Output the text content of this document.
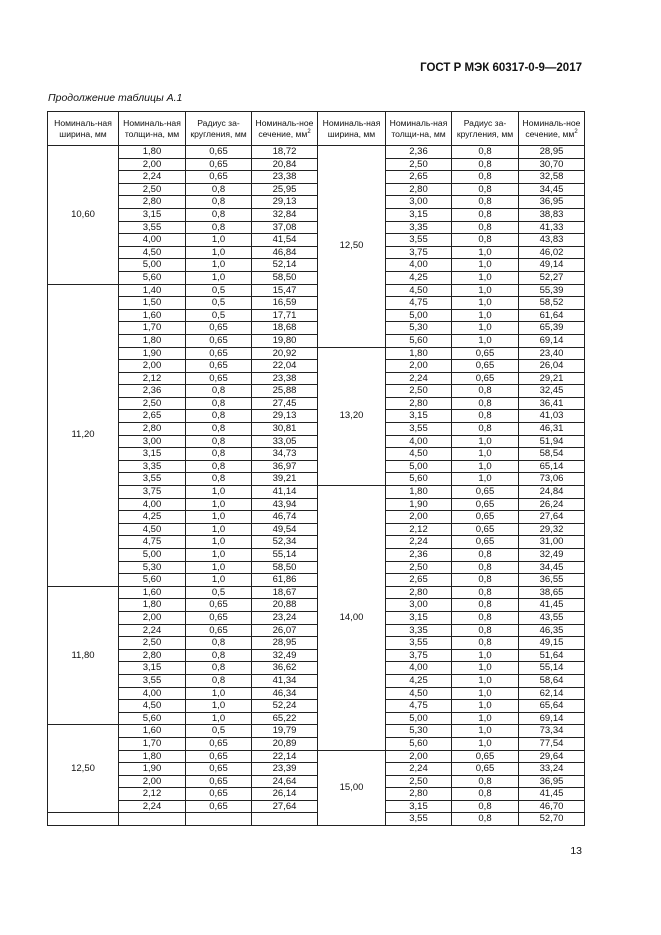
ГОСТ Р МЭК 60317-0-9—2017
Продолжение таблицы А.1
Номиналь-ная ширина, мм	Номиналь-ная толщи-на, мм	Радиус за-кругления, мм	Номиналь-ное сечение, $мм^2$	Номиналь-ная ширина, мм	Номиналь-ная толщи-на, мм	Радиус за-кругления, мм	Номиналь-ное сечение, $мм^2$
10,60	1,80	0,65	18,72	12,50	2,36	0,8	28,95
	2,00	0,65	20,84		2,50	0,8	30,70
	2,24	0,65	23,38		2,65	0,8	32,58
	2,50	0,8	25,95		2,80	0,8	34,45
	2,80	0,8	29,13		3,00	0,8	36,95
	3,15	0,8	32,84		3,15	0,8	38,83
	3,55	0,8	37,08		3,35	0,8	41,33
	4,00	1,0	41,54		3,55	0,8	43,83
	4,50	1,0	46,84		3,75	1,0	46,02
	5,00	1,0	52,14		4,00	1,0	49,14
	5,60	1,0	58,50		4,25	1,0	52,27
11,20	1,40	0,5	15,47		4,50	1,0	55,39
	1,50	0,5	16,59		4,75	1,0	58,52
	1,60	0,5	17,71		5,00	1,0	61,64
	1,70	0,65	18,68		5,30	1,0	65,39
	1,80	0,65	19,80		5,60	1,0	69,14
	1,90	0,65	20,92	13,20	1,80	0,65	23,40
	2,00	0,65	22,04		2,00	0,65	26,04
	2,12	0,65	23,38		2,24	0,65	29,21
	2,36	0,8	25,88		2,50	0,8	32,45
	2,50	0,8	27,45		2,80	0,8	36,41
	2,65	0,8	29,13		3,15	0,8	41,03
	2,80	0,8	30,81		3,55	0,8	46,31
	3,00	0,8	33,05		4,00	1,0	51,94
	3,15	0,8	34,73		4,50	1,0	58,54
	3,35	0,8	36,97		5,00	1,0	65,14
	3,55	0,8	39,21		5,60	1,0	73,06
	3,75	1,0	41,14	14,00	1,80	0,65	24,84
	4,00	1,0	43,94		1,90	0,65	26,24
	4,25	1,0	46,74		2,00	0,65	27,64
	4,50	1,0	49,54		2,12	0,65	29,32
	4,75	1,0	52,34		2,24	0,65	31,00
	5,00	1,0	55,14		2,36	0,8	32,49
	5,30	1,0	58,50		2,50	0,8	34,45
	5,60	1,0	61,86		2,65	0,8	36,55
11,80	1,60	0,5	18,67		2,80	0,8	38,65
	1,80	0,65	20,88		3,00	0,8	41,45
	2,00	0,65	23,24		3,15	0,8	43,55
	2,24	0,65	26,07		3,35	0,8	46,35
	2,50	0,8	28,95		3,55	0,8	49,15
	2,80	0,8	32,49		3,75	1,0	51,64
	3,15	0,8	36,62		4,00	1,0	55,14
	3,55	0,8	41,34		4,25	1,0	58,64
	4,00	1,0	46,34		4,50	1,0	62,14
	4,50	1,0	52,24		4,75	1,0	65,64
	5,60	1,0	65,22		5,00	1,0	69,14
12,50	1,60	0,5	19,79		5,30	1,0	73,34
	1,70	0,65	20,89		5,60	1,0	77,54
	1,80	0,65	22,14	15,00	2,00	0,65	29,64
	1,90	0,65	23,39		2,24	0,65	33,24
	2,00	0,65	24,64		2,50	0,8	36,95
	2,12	0,65	26,14		2,80	0,8	41,45
	2,24	0,65	27,64		3,15	0,8	46,70
					3,55	0,8	52,70
13
